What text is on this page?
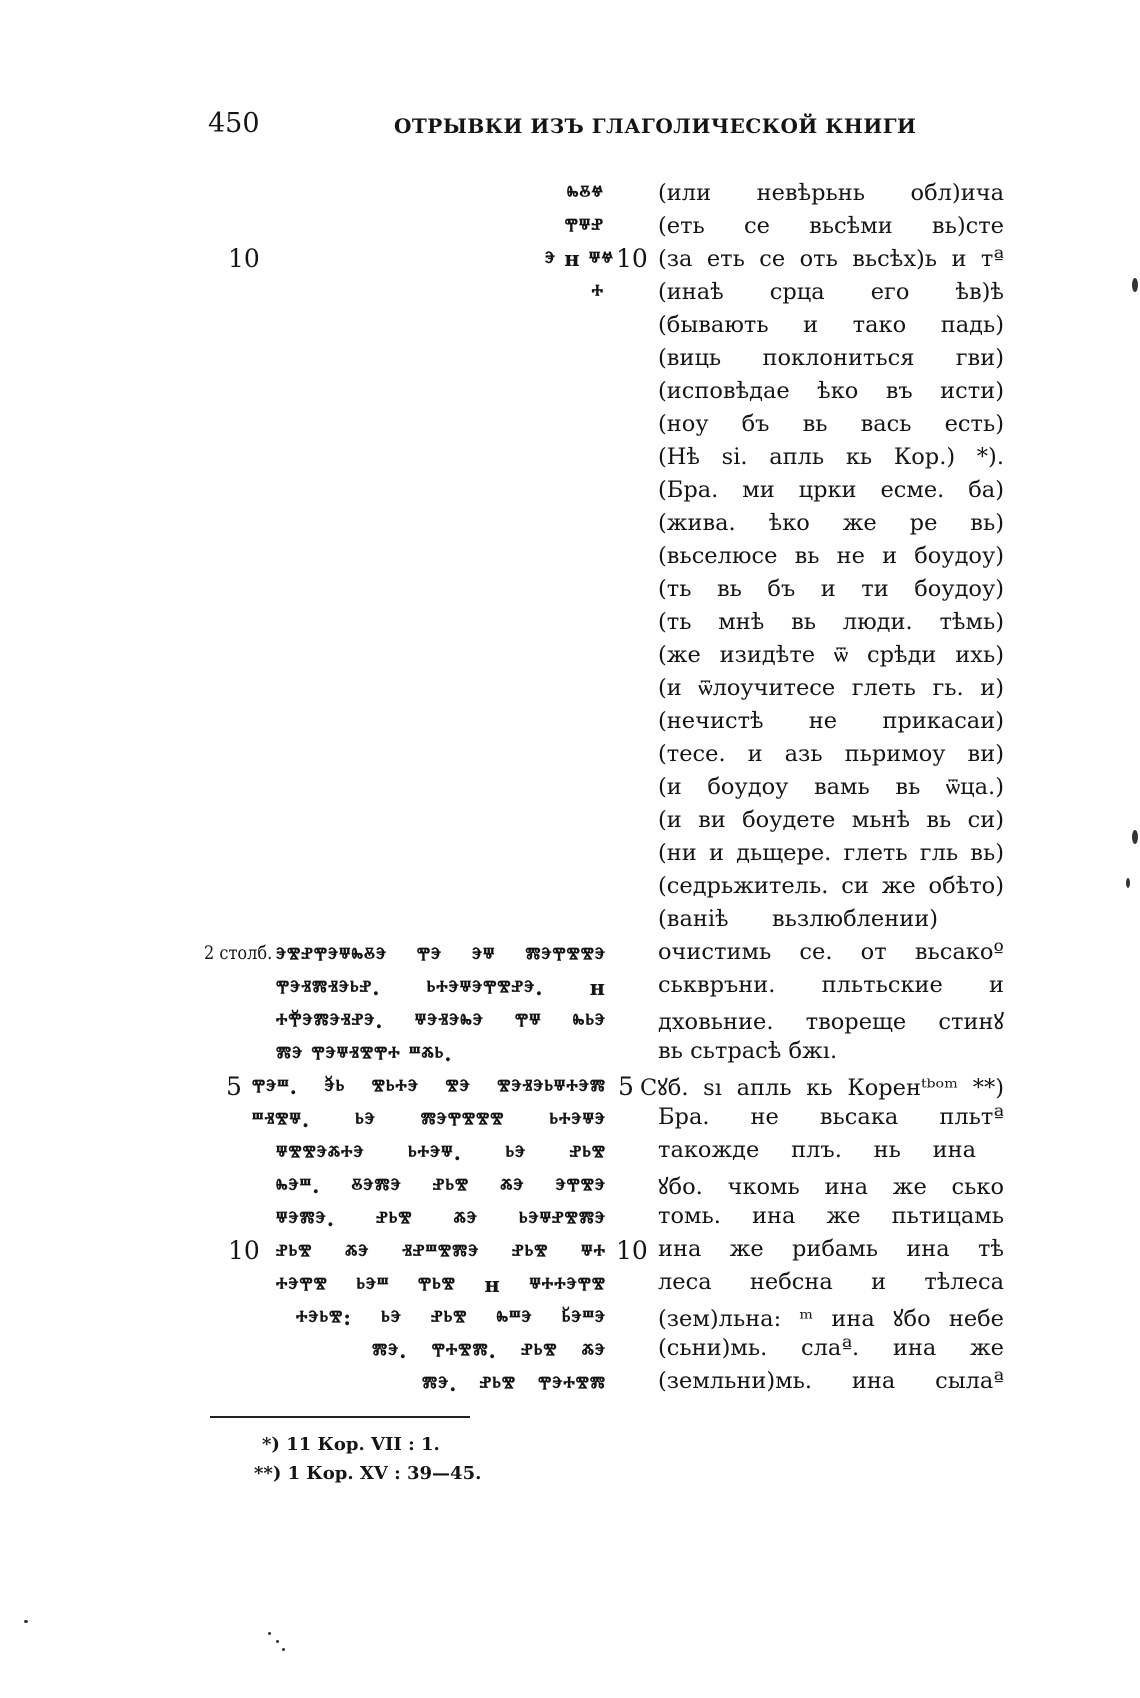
450	ОТРЫВКИ ИЗЪ ГЛАГОЛИЧЕСКОЙ КНИГИ
10	10
5	5
10	10
2 столб.
ⰸⰻⱍ
ⰹⱋⱀ
ⰵ н ⱋⱍ
ⰰ
ⰵⰺⱀⰹⰵⱋⰸⰻⰵ ⰹⰵ ⰵⱋ ⰿⰵⰹⰺⰺⰵ
ⰹⰵⱐⰿⱐⰵⱃⱀ. ⱃⰰⰵⱋⰵⰹⰺⱀⰵ. н
ⰰⰹ̆ⰵⰿⰵⱐⱀⰵ. ⱋⰵⱐⰵⰸⰵ ⰹⱋ ⰸⱃⰵ
ⰿⰵ ⰹⰵⱋⱐⰺⰹⰰ ⱎⰶⱃ.
ⰹⰵⱎ. ⰵ̆ⱃ ⰺⱃⰰⰵ ⰺⰵ ⰺⰵⱐⰵⱃⱋⰰⰵⰿ
ⱎⱐⰺⱋ. ⱃⰵ ⰿⰵⰹⰺⰺⰺ ⱃⰰⰵⱋⰵ
ⱋⰺⰺⰵⰶⰰⰵ ⱃⰰⰵⱋ. ⱃⰵ ⱀⱃⰺ
ⰸⰵⱎ. ⰻⰵⰿⰵ ⱀⱃⰺ ⰶⰵ ⰵⰹⰺⰵ
ⱋⰵⰿⰵ. ⱀⱃⰺ ⰶⰵ ⱃⰵⱋⱀⰺⰿⰵ
ⱀⱃⰺ ⰶⰵ ⱐⱀⱎⰺⰿⰵ ⱀⱃⰺ ⱋⰰ
ⰰⰵⰹⰺ ⱃⰵⱎ ⰹⱃⰺ н ⱋⰰⰰⰵⰹⰺ
ⰰⰵⱃⰺ: ⱃⰵ ⱀⱃⰺ ⰸⱎⰵ ⱃ̆ⰵⱎⰵ
ⰿⰵ. ⰹⰰⰺⰿ. ⱀⱃⰺ ⰶⰵ
ⰿⰵ. ⱀⱃⰺ ⰹⰵⰰⰺⰿ
(или невѣрьнь обл)ича
(еть се вьсѣми вь)сте
(за еть се оть вьсѣх)ь и тª
(инаѣ срца его ѣв)ѣ
(бывають и тако падь)
(виць поклониться гви)
(исповѣдае ѣко въ исти)
(ноу бъ вь вась есть)
(Нѣ ѕі. апль кь Кор.) *).
(Бра. ми црки есме. ба)
(жива. ѣко же ре вь)
(вьселюсе вь не и боудоу)
(ть вь бъ и ти боудоу)
(ть мнѣ вь люди. тѣмь)
(же изидѣте ѿ срѣди ихь)
(и ѿлоучитесе глеть гь. и)
(нечистѣ не прикасаи)
(тесе. и азь пьримоу ви)
(и боудоу вамь вь ѿца.)
(и ви боудете мьнѣ вь си)
(ни и дьщере. глеть гль вь)
(седрьжитель. си же обѣто)
(ванiѣ вьзлюблении)
очистимь се. от вьсакоº
ськвръни. пльтьские и
дховьние. творещe стинꙋ
вь сьтрасѣ бжı.
Сꙋб. ѕı апль кь Коренᵗᵇᵒᵐ **)
Бра. не вьсака пльтª
такожде плъ. нь ина
ꙋбо. чкомь ина же сько
томь. ина же пьтицамь
ина же рибамь ина тѣ
леса небсна и тѣлеса
(зем)льна: ᵐ ина ꙋбо небе
(сьни)мь. слаª. ина же
(земльни)мь. ина сылаª
*) 11 Кор. VII : 1.
**) 1 Кор. XV : 39—45.
